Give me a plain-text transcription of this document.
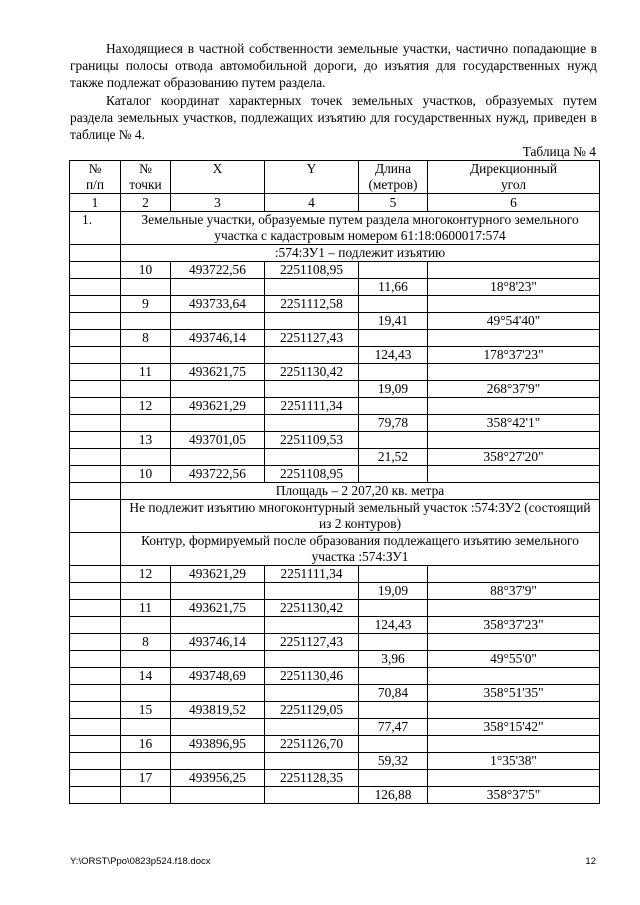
Находящиеся в частной собственности земельные участки, частично попадающие в границы полосы отвода автомобильной дороги, до изъятия для государственных нужд также подлежат образованию путем раздела.

Каталог координат характерных точек земельных участков, образуемых путем раздела земельных участков, подлежащих изъятию для государственных нужд, приведен в таблице № 4.

Таблица № 4
№
п/п	№
точки	X	Y	Длина
(метров)	Дирекционный
угол
1	2	3	4	5	6
1.	Земельные участки, образуемые путем раздела многоконтурного земельного участка с кадастровым номером 61:18:0600017:574				
	:574:ЗУ1 – подлежит изъятию				
	10	493722,56	2251108,95		
				11,66	18°8'23"
	9	493733,64	2251112,58		
				19,41	49°54'40"
	8	493746,14	2251127,43		
				124,43	178°37'23"
	11	493621,75	2251130,42		
				19,09	268°37'9"
	12	493621,29	2251111,34		
				79,78	358°42'1"
	13	493701,05	2251109,53		
				21,52	358°27'20"
	10	493722,56	2251108,95		
	Площадь – 2 207,20 кв. метра				
	Не подлежит изъятию многоконтурный земельный участок :574:ЗУ2 (состоящий из 2 контуров)				
	Контур, формируемый после образования подлежащего изъятию земельного участка :574:ЗУ1				
	12	493621,29	2251111,34		
				19,09	88°37'9"
	11	493621,75	2251130,42		
				124,43	358°37'23"
	8	493746,14	2251127,43		
				3,96	49°55'0"
	14	493748,69	2251130,46		
				70,84	358°51'35"
	15	493819,52	2251129,05		
				77,47	358°15'42"
	16	493896,95	2251126,70		
				59,32	1°35'38"
	17	493956,25	2251128,35		
				126,88	358°37'5"
Y:\ORST\Ppo\0823p524.f18.docx	12
